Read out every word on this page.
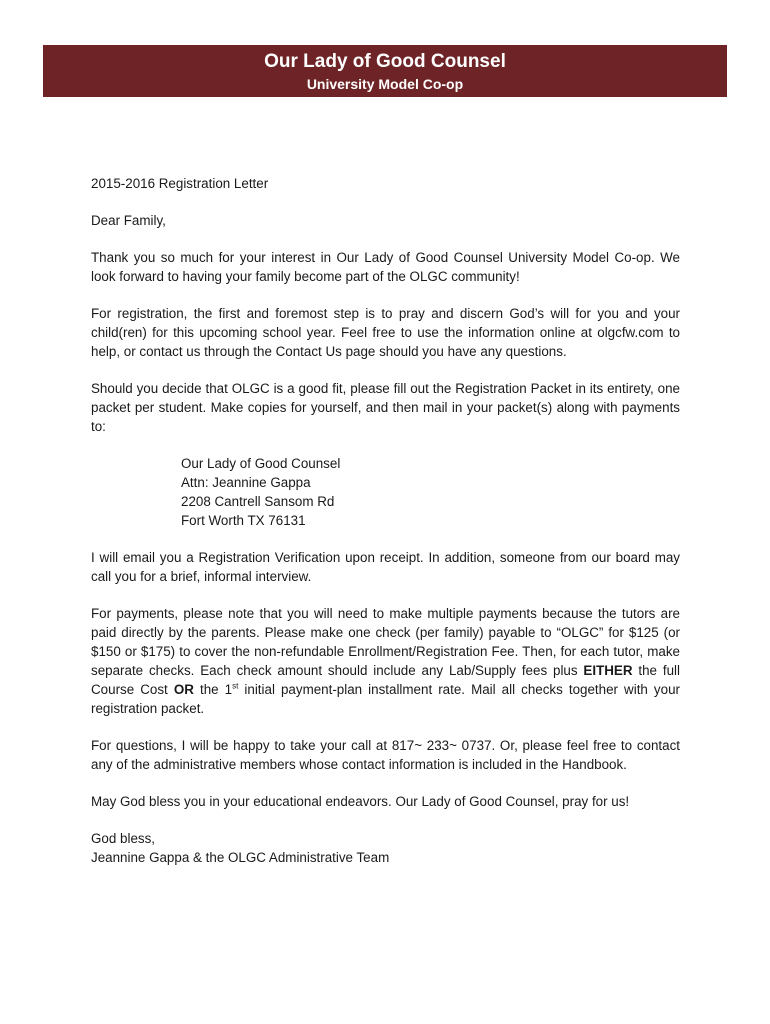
Our Lady of Good Counsel
University Model Co-op

2015-2016 Registration Letter

Dear Family,

Thank you so much for your interest in Our Lady of Good Counsel University Model Co-op. We look forward to having your family become part of the OLGC community!

For registration, the first and foremost step is to pray and discern God’s will for you and your child(ren) for this upcoming school year. Feel free to use the information online at olgcfw.com to help, or contact us through the Contact Us page should you have any questions.

Should you decide that OLGC is a good fit, please fill out the Registration Packet in its entirety, one packet per student. Make copies for yourself, and then mail in your packet(s) along with payments to:

Our Lady of Good Counsel
Attn: Jeannine Gappa
2208 Cantrell Sansom Rd
Fort Worth TX 76131

I will email you a Registration Verification upon receipt. In addition, someone from our board may call you for a brief, informal interview.

For payments, please note that you will need to make multiple payments because the tutors are paid directly by the parents. Please make one check (per family) payable to “OLGC” for $125 (or $150 or $175) to cover the non-refundable Enrollment/Registration Fee. Then, for each tutor, make separate checks. Each check amount should include any Lab/Supply fees plus EITHER the full Course Cost OR the 1st initial payment-plan installment rate. Mail all checks together with your registration packet.

For questions, I will be happy to take your call at 817~ 233~ 0737. Or, please feel free to contact any of the administrative members whose contact information is included in the Handbook.

May God bless you in your educational endeavors. Our Lady of Good Counsel, pray for us!

God bless,
Jeannine Gappa & the OLGC Administrative Team
